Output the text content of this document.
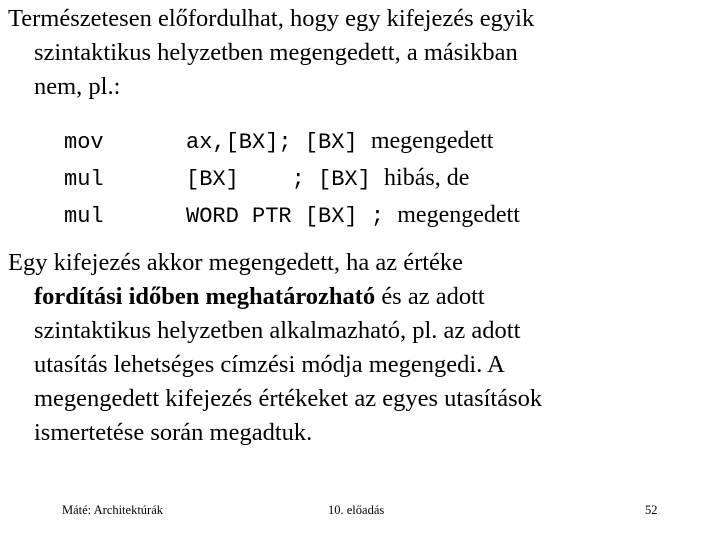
Természetesen előfordulhat, hogy egy kifejezés egyik
szintaktikus helyzetben megengedett, a másikban
nem, pl.:
mov	ax,[BX]; [BX] megengedett
mul	[BX]    ; [BX] hibás, de
mul	WORD PTR [BX] ; megengedett
Egy kifejezés akkor megengedett, ha az értéke
fordítási időben meghatározható és az adott
szintaktikus helyzetben alkalmazható, pl. az adott
utasítás lehetséges címzési módja megengedi. A
megengedett kifejezés értékeket az egyes utasítások
ismertetése során megadtuk.
Máté: Architektúrák	10. előadás	52
